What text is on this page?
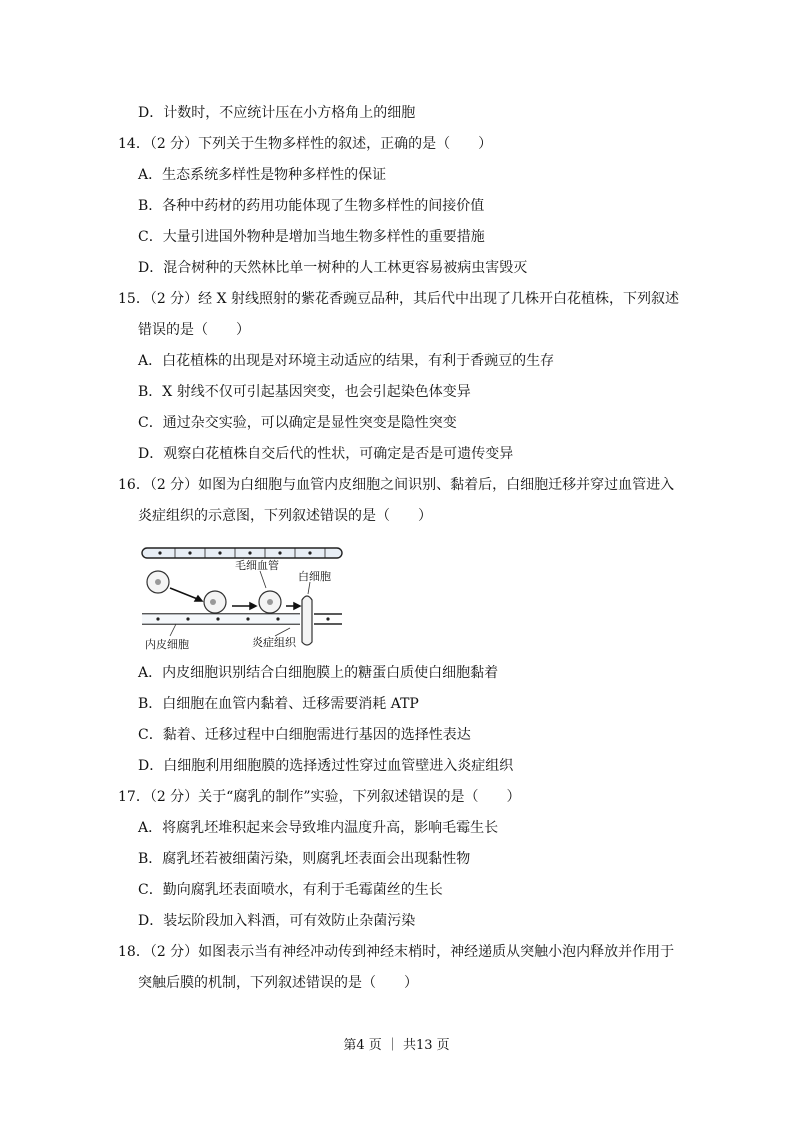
D．计数时，不应统计压在小方格角上的细胞
14．（2 分）下列关于生物多样性的叙述，正确的是（　　）
A．生态系统多样性是物种多样性的保证
B．各种中药材的药用功能体现了生物多样性的间接价值
C．大量引进国外物种是增加当地生物多样性的重要措施
D．混合树种的天然林比单一树种的人工林更容易被病虫害毁灭
15．（2 分）经 X 射线照射的紫花香豌豆品种，其后代中出现了几株开白花植株，下列叙述
错误的是（　　）
A．白花植株的出现是对环境主动适应的结果，有利于香豌豆的生存
B．X 射线不仅可引起基因突变，也会引起染色体变异
C．通过杂交实验，可以确定是显性突变是隐性突变
D．观察白花植株自交后代的性状，可确定是否是可遗传变异
16．（2 分）如图为白细胞与血管内皮细胞之间识别、黏着后，白细胞迁移并穿过血管进入
炎症组织的示意图，下列叙述错误的是（　　）
毛细血管
白细胞
内皮细胞	炎症组织
A．内皮细胞识别结合白细胞膜上的糖蛋白质使白细胞黏着
B．白细胞在血管内黏着、迁移需要消耗 ATP
C．黏着、迁移过程中白细胞需进行基因的选择性表达
D．白细胞利用细胞膜的选择透过性穿过血管壁进入炎症组织
17．（2 分）关于“腐乳的制作”实验，下列叙述错误的是（　　）
A．将腐乳坯堆积起来会导致堆内温度升高，影响毛霉生长
B．腐乳坯若被细菌污染，则腐乳坯表面会出现黏性物
C．勤向腐乳坯表面喷水，有利于毛霉菌丝的生长
D．装坛阶段加入料酒，可有效防止杂菌污染
18．（2 分）如图表示当有神经冲动传到神经末梢时，神经递质从突触小泡内释放并作用于
突触后膜的机制，下列叙述错误的是（　　）
第4 页 ｜ 共13 页
